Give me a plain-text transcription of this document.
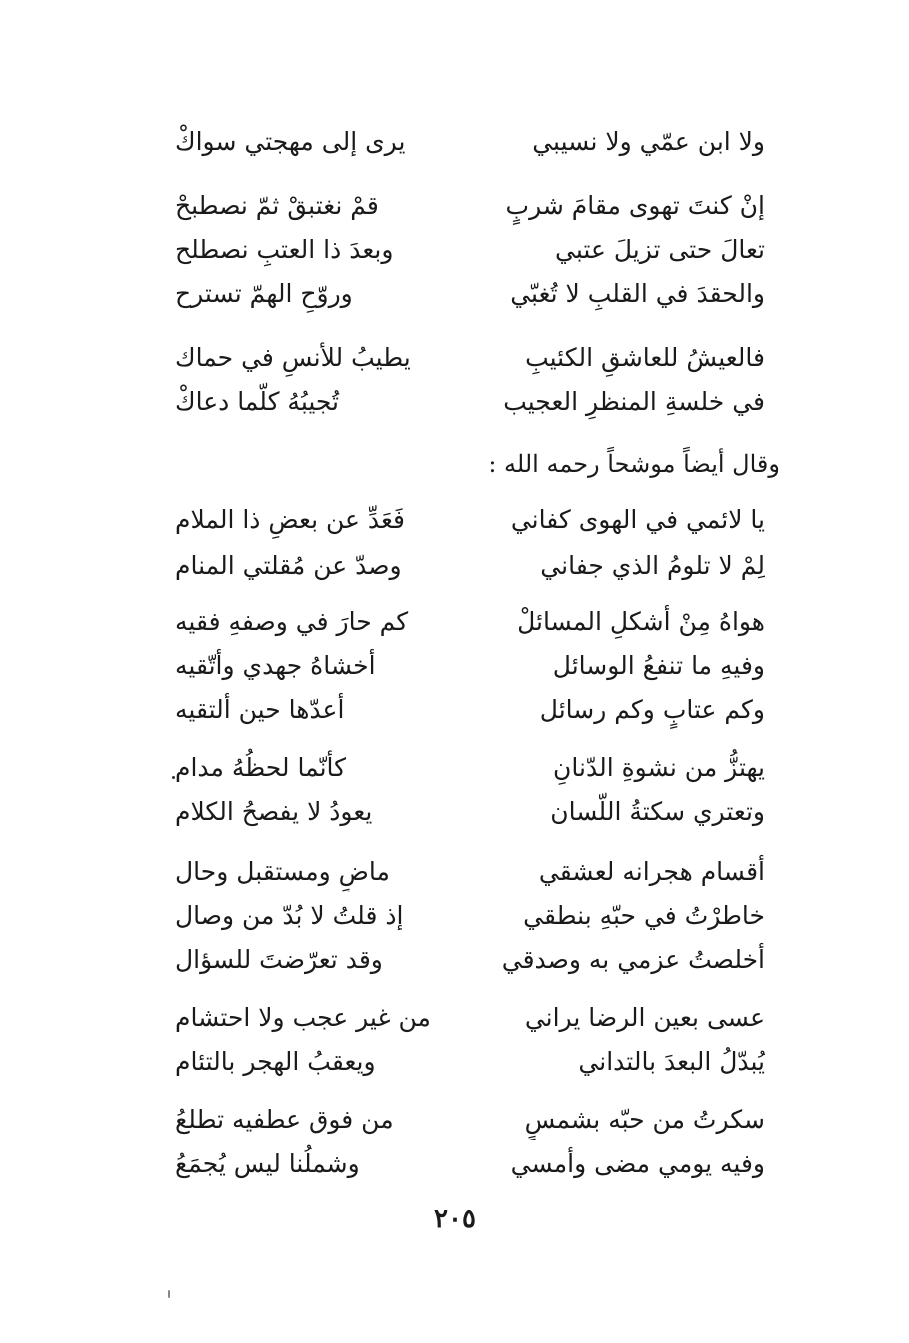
ولا ابن عمّي ولا نسيبي
يرى إلى مهجتي سواكْ
إنْ كنتَ تهوى مقامَ شربٍ
قمْ نغتبقْ ثمّ نصطبحْ
تعالَ حتى تزيلَ عتبي
وبعدَ ذا العتبِ نصطلح
والحقدَ في القلبِ لا تُغبّي
وروّحِ الهمّ تسترح
فالعيشُ للعاشقِ الكئيبِ
يطيبُ للأنسِ في حماك
في خلسةِ المنظرِ العجيب
تُجيبُهُ كلّما دعاكْ
وقال أيضاً موشحاً رحمه الله :
يا لائمي في الهوى كفاني
فَعَدِّ عن بعضِ ذا الملام
لِمْ لا تلومُ الذي جفاني
وصدّ عن مُقلتي المنام
هواهُ مِنْ أشكلِ المسائلْ
كم حارَ في وصفهِ فقيه
وفيهِ ما تنفعُ الوسائل
أخشاهُ جهدي وأتّقيه
وكم عتابٍ وكم رسائل
أعدّها حين ألتقيه
يهتزُّ من نشوةِ الدّنانِ
كأنّما لحظُهُ مدام
وتعتري سكتةُ اللّسان
يعودُ لا يفصحُ الكلام
أقسام هجرانه لعشقي
ماضٍ ومستقبل وحال
خاطرْتُ في حبّهِ بنطقي
إذ قلتُ لا بُدّ من وصال
أخلصتُ عزمي به وصدقي
وقد تعرّضتَ للسؤال
عسى بعين الرضا يراني
من غير عجب ولا احتشام
يُبدّلُ البعدَ بالتداني
ويعقبُ الهجر بالتئام
سكرتُ من حبّه بشمسٍ
من فوق عطفيه تطلعُ
وفيه يومي مضى وأمسي
وشملُنا ليس يُجمَعُ
٢٠٥
